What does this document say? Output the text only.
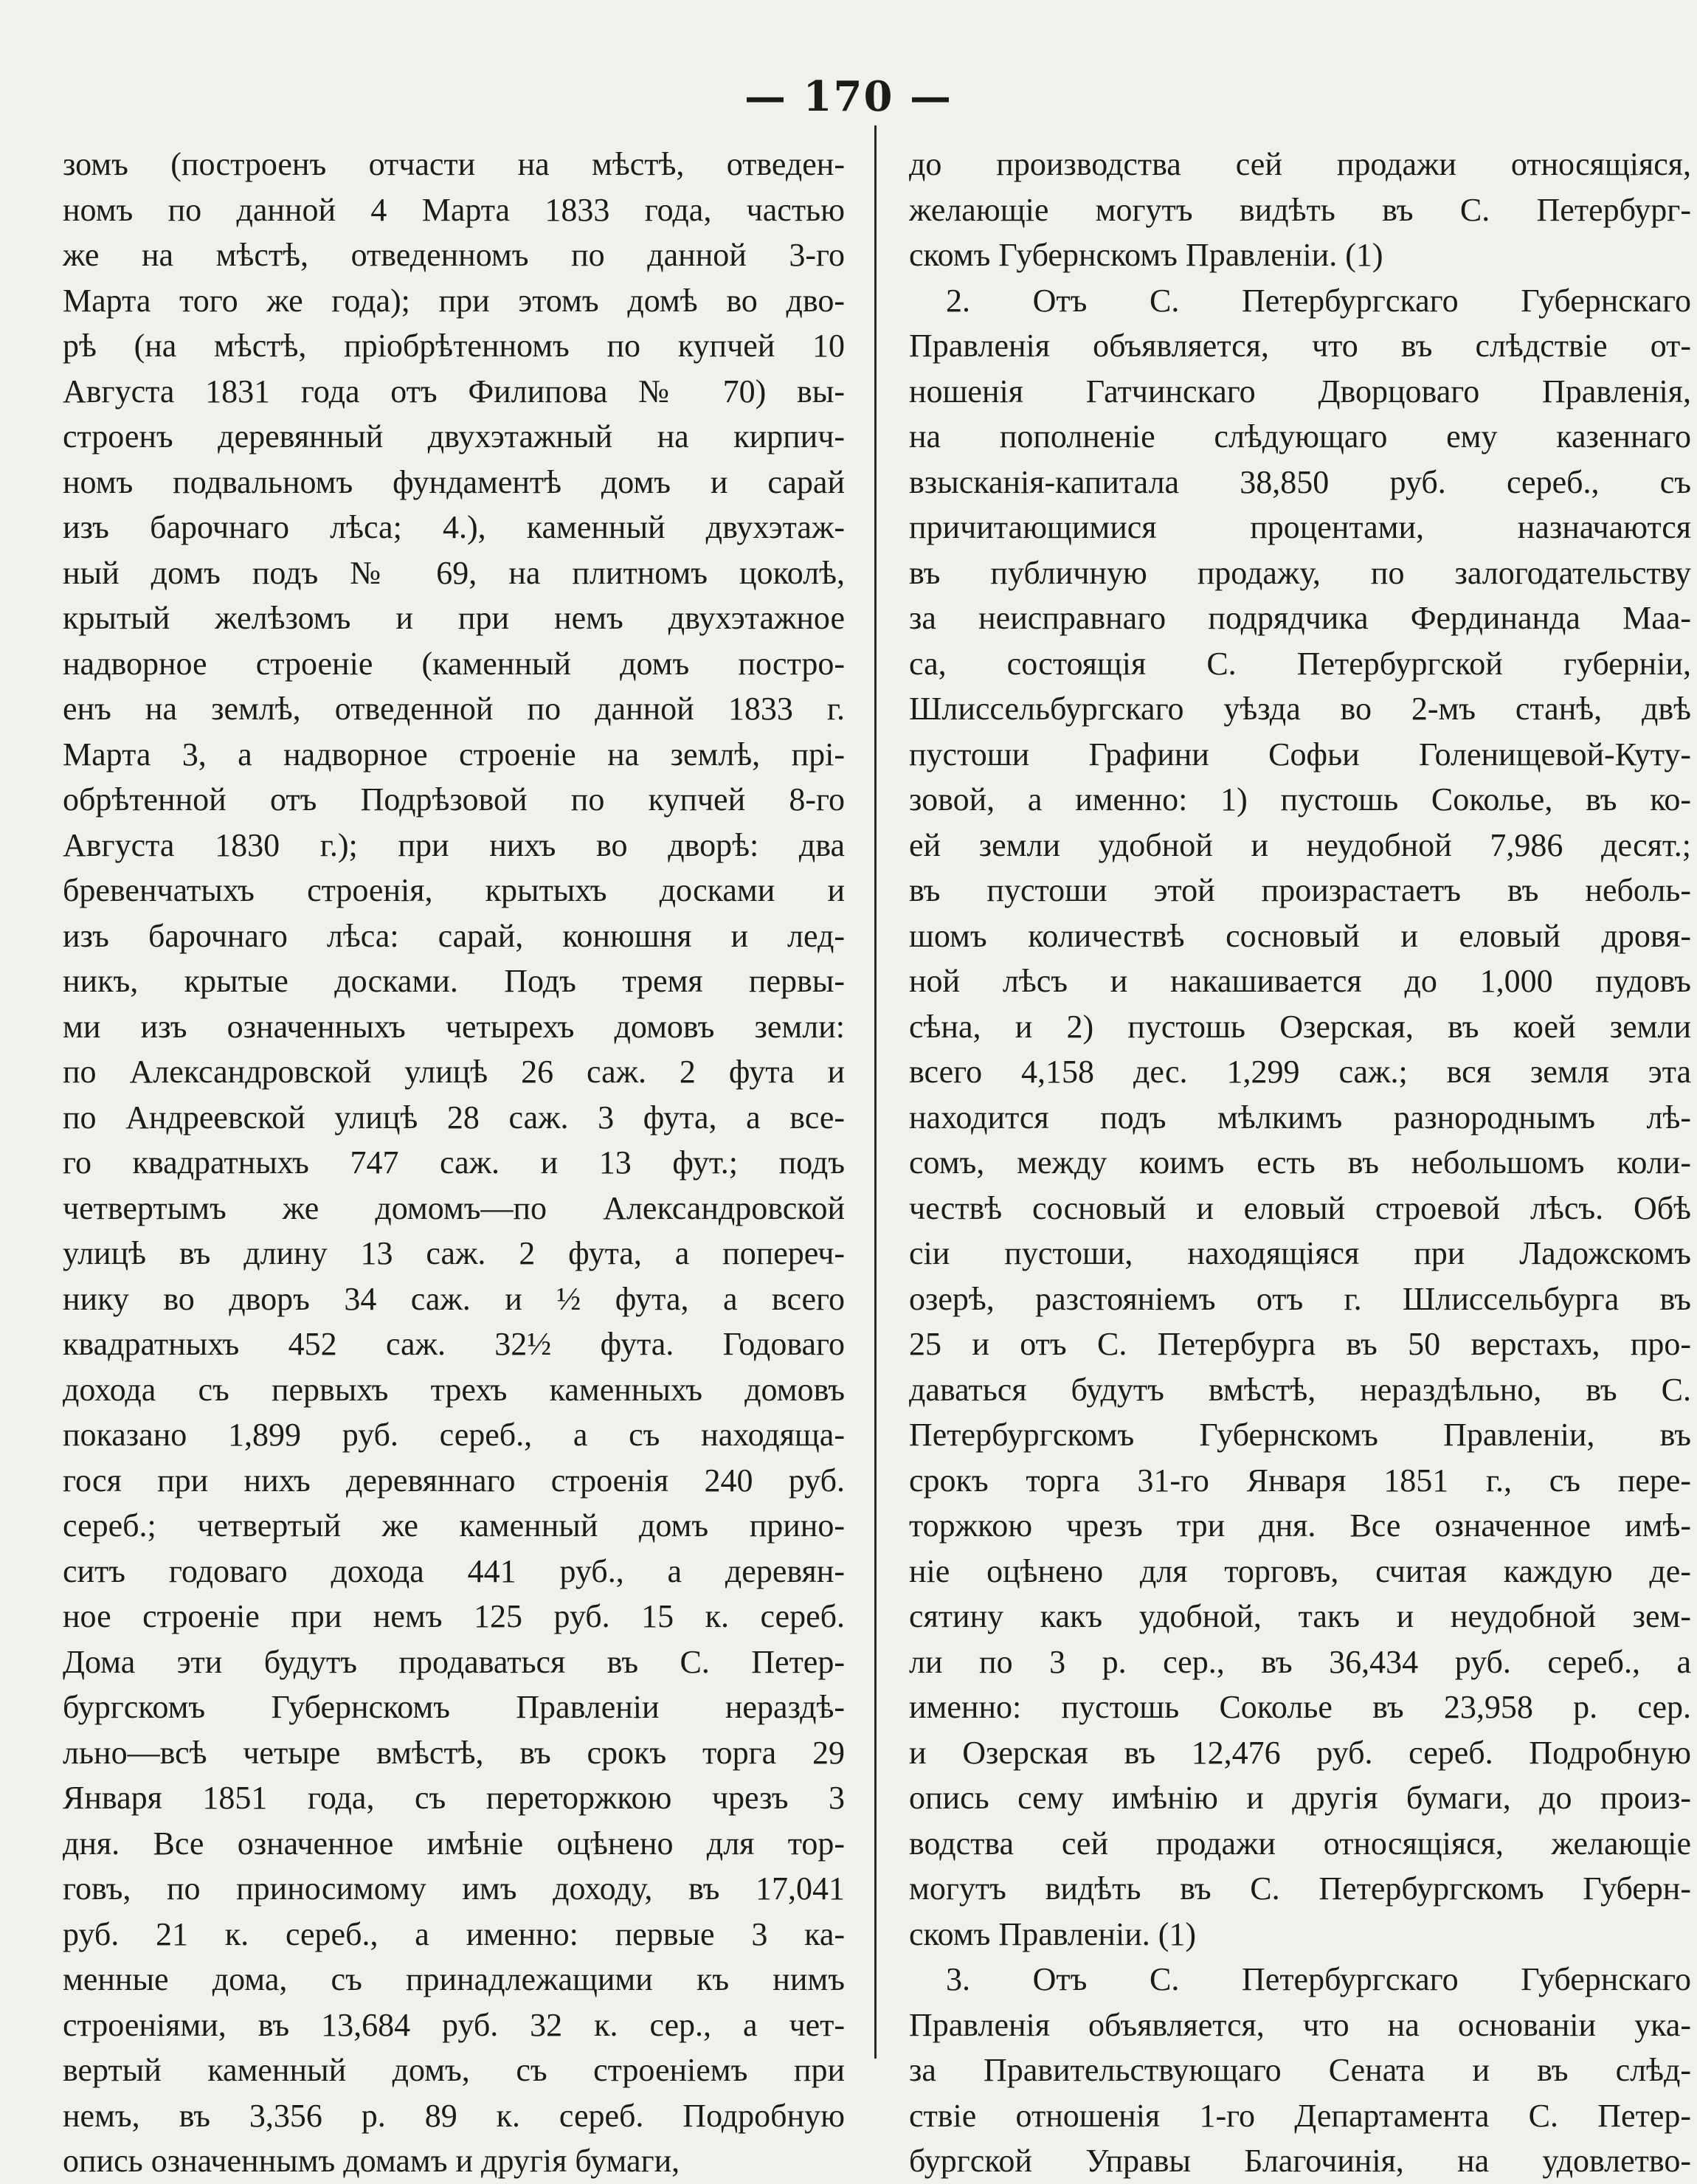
— 170 —
зомъ (построенъ отчасти на мѣстѣ, отведен-
номъ по данной 4 Марта 1833 года, частью
же на мѣстѣ, отведенномъ по данной 3-го
Марта того же года); при этомъ домѣ во дво-
рѣ (на мѣстѣ, пріобрѣтенномъ по купчей 10
Августа 1831 года отъ Филипова № 70) вы-
строенъ деревянный двухэтажный на кирпич-
номъ подвальномъ фундаментѣ домъ и сарай
изъ барочнаго лѣса; 4.), каменный двухэтаж-
ный домъ подъ № 69, на плитномъ цоколѣ,
крытый желѣзомъ и при немъ двухэтажное
надворное строеніе (каменный домъ постро-
енъ на землѣ, отведенной по данной 1833 г.
Марта 3, а надворное строеніе на землѣ, прі-
обрѣтенной отъ Подрѣзовой по купчей 8-го
Августа 1830 г.); при нихъ во дворѣ: два
бревенчатыхъ строенія, крытыхъ досками и
изъ барочнаго лѣса: сарай, конюшня и лед-
никъ, крытые досками. Подъ тремя первы-
ми изъ означенныхъ четырехъ домовъ земли:
по Александровской улицѣ 26 саж. 2 фута и
по Андреевской улицѣ 28 саж. 3 фута, а все-
го квадратныхъ 747 саж. и 13 фут.; подъ
четвертымъ же домомъ—по Александровской
улицѣ въ длину 13 саж. 2 фута, а попереч-
нику во дворъ 34 саж. и ½ фута, а всего
квадратныхъ 452 саж. 32½ фута. Годоваго
дохода съ первыхъ трехъ каменныхъ домовъ
показано 1,899 руб. сереб., а съ находяща-
гося при нихъ деревяннаго строенія 240 руб.
сереб.; четвертый же каменный домъ прино-
ситъ годоваго дохода 441 руб., а деревян-
ное строеніе при немъ 125 руб. 15 к. сереб.
Дома эти будутъ продаваться въ С. Петер-
бургскомъ Губернскомъ Правленіи нераздѣ-
льно—всѣ четыре вмѣстѣ, въ срокъ торга 29
Января 1851 года, съ переторжкою чрезъ 3
дня. Все означенное имѣніе оцѣнено для тор-
говъ, по приносимому имъ доходу, въ 17,041
руб. 21 к. сереб., а именно: первые 3 ка-
менные дома, съ принадлежащими къ нимъ
строеніями, въ 13,684 руб. 32 к. сер., а чет-
вертый каменный домъ, съ строеніемъ при
немъ, въ 3,356 р. 89 к. сереб. Подробную
опись означеннымъ домамъ и другія бумаги,
до производства сей продажи относящіяся,
желающіе могутъ видѣть въ С. Петербург-
скомъ Губернскомъ Правленіи. (1)
2. Отъ С. Петербургскаго Губернскаго
Правленія объявляется, что въ слѣдствіе от-
ношенія Гатчинскаго Дворцоваго Правленія,
на пополненіе слѣдующаго ему казеннаго
взысканія-капитала 38,850 руб. сереб., съ
причитающимися процентами, назначаются
въ публичную продажу, по залогодательству
за неисправнаго подрядчика Фердинанда Маа-
са, состоящія С. Петербургской губерніи,
Шлиссельбургскаго уѣзда во 2-мъ станѣ, двѣ
пустоши Графини Софьи Голенищевой-Куту-
зовой, а именно: 1) пустошь Соколье, въ ко-
ей земли удобной и неудобной 7,986 десят.;
въ пустоши этой произрастаетъ въ неболь-
шомъ количествѣ сосновый и еловый дровя-
ной лѣсъ и накашивается до 1,000 пудовъ
сѣна, и 2) пустошь Озерская, въ коей земли
всего 4,158 дес. 1,299 саж.; вся земля эта
находится подъ мѣлкимъ разнороднымъ лѣ-
сомъ, между коимъ есть въ небольшомъ коли-
чествѣ сосновый и еловый строевой лѣсъ. Обѣ
сіи пустоши, находящіяся при Ладожскомъ
озерѣ, разстояніемъ отъ г. Шлиссельбурга въ
25 и отъ С. Петербурга въ 50 верстахъ, про-
даваться будутъ вмѣстѣ, нераздѣльно, въ С.
Петербургскомъ Губернскомъ Правленіи, въ
срокъ торга 31-го Января 1851 г., съ пере-
торжкою чрезъ три дня. Все означенное имѣ-
ніе оцѣнено для торговъ, считая каждую де-
сятину какъ удобной, такъ и неудобной зем-
ли по 3 р. сер., въ 36,434 руб. сереб., а
именно: пустошь Соколье въ 23,958 р. сер.
и Озерская въ 12,476 руб. сереб. Подробную
опись сему имѣнію и другія бумаги, до произ-
водства сей продажи относящіяся, желающіе
могутъ видѣть въ С. Петербургскомъ Губерн-
скомъ Правленіи. (1)
3. Отъ С. Петербургскаго Губернскаго
Правленія объявляется, что на основаніи ука-
за Правительствующаго Сената и въ слѣд-
ствіе отношенія 1-го Департамента С. Петер-
бургской Управы Благочинія, на удовлетво-
